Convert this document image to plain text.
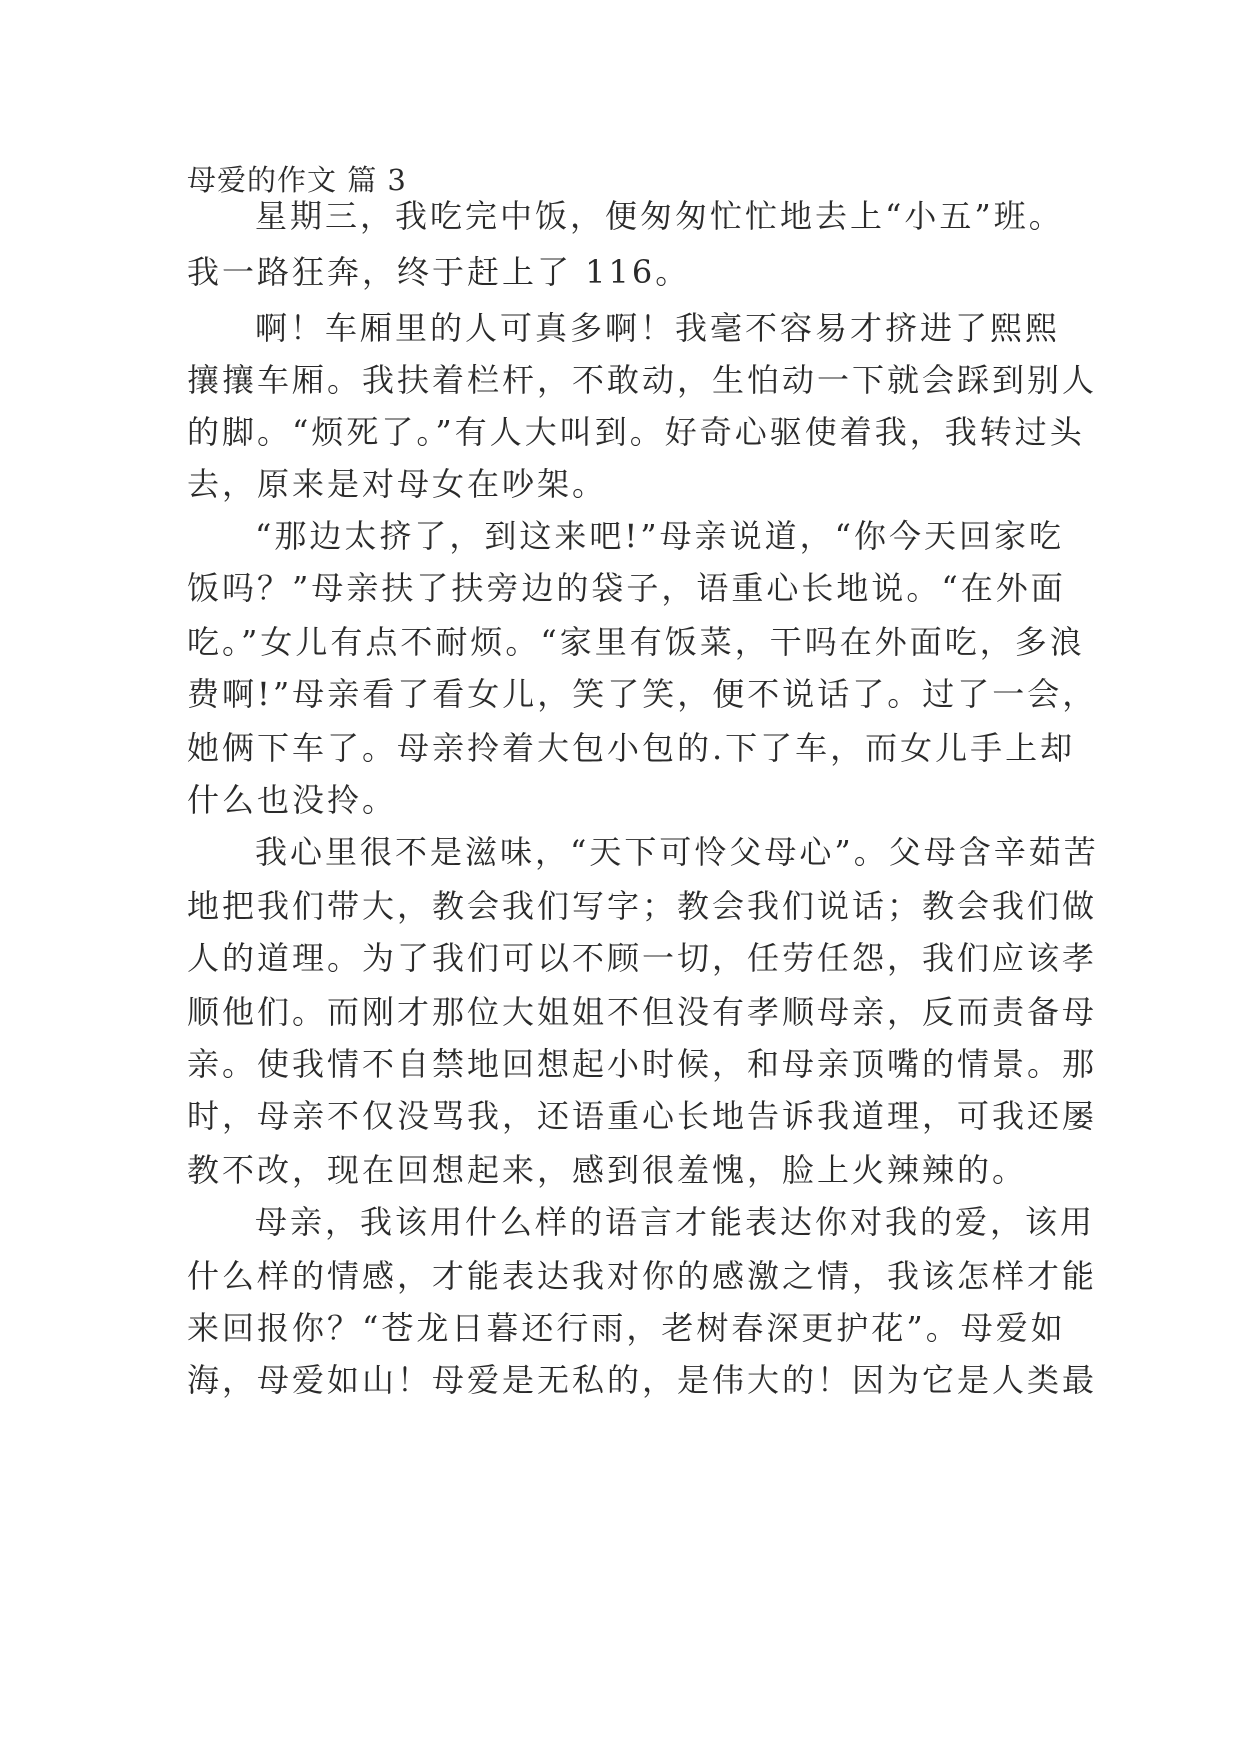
母爱的作文 篇 3
星期三，我吃完中饭，便匆匆忙忙地去上“小五”班。
我一路狂奔，终于赶上了 116。
啊！车厢里的人可真多啊！我毫不容易才挤进了熙熙
攘攘车厢。我扶着栏杆，不敢动，生怕动一下就会踩到别人
的脚。“烦死了。”有人大叫到。好奇心驱使着我，我转过头
去，原来是对母女在吵架。
“那边太挤了，到这来吧!”母亲说道，“你今天回家吃
饭吗？”母亲扶了扶旁边的袋子，语重心长地说。“在外面
吃。”女儿有点不耐烦。“家里有饭菜，干吗在外面吃，多浪
费啊!”母亲看了看女儿，笑了笑，便不说话了。过了一会，
她俩下车了。母亲拎着大包小包的.下了车，而女儿手上却
什么也没拎。
我心里很不是滋味，“天下可怜父母心”。父母含辛茹苦
地把我们带大，教会我们写字；教会我们说话；教会我们做
人的道理。为了我们可以不顾一切，任劳任怨，我们应该孝
顺他们。而刚才那位大姐姐不但没有孝顺母亲，反而责备母
亲。使我情不自禁地回想起小时候，和母亲顶嘴的情景。那
时，母亲不仅没骂我，还语重心长地告诉我道理，可我还屡
教不改，现在回想起来，感到很羞愧，脸上火辣辣的。
母亲，我该用什么样的语言才能表达你对我的爱，该用
什么样的情感，才能表达我对你的感激之情，我该怎样才能
来回报你？“苍龙日暮还行雨，老树春深更护花”。母爱如
海，母爱如山！母爱是无私的，是伟大的！因为它是人类最
